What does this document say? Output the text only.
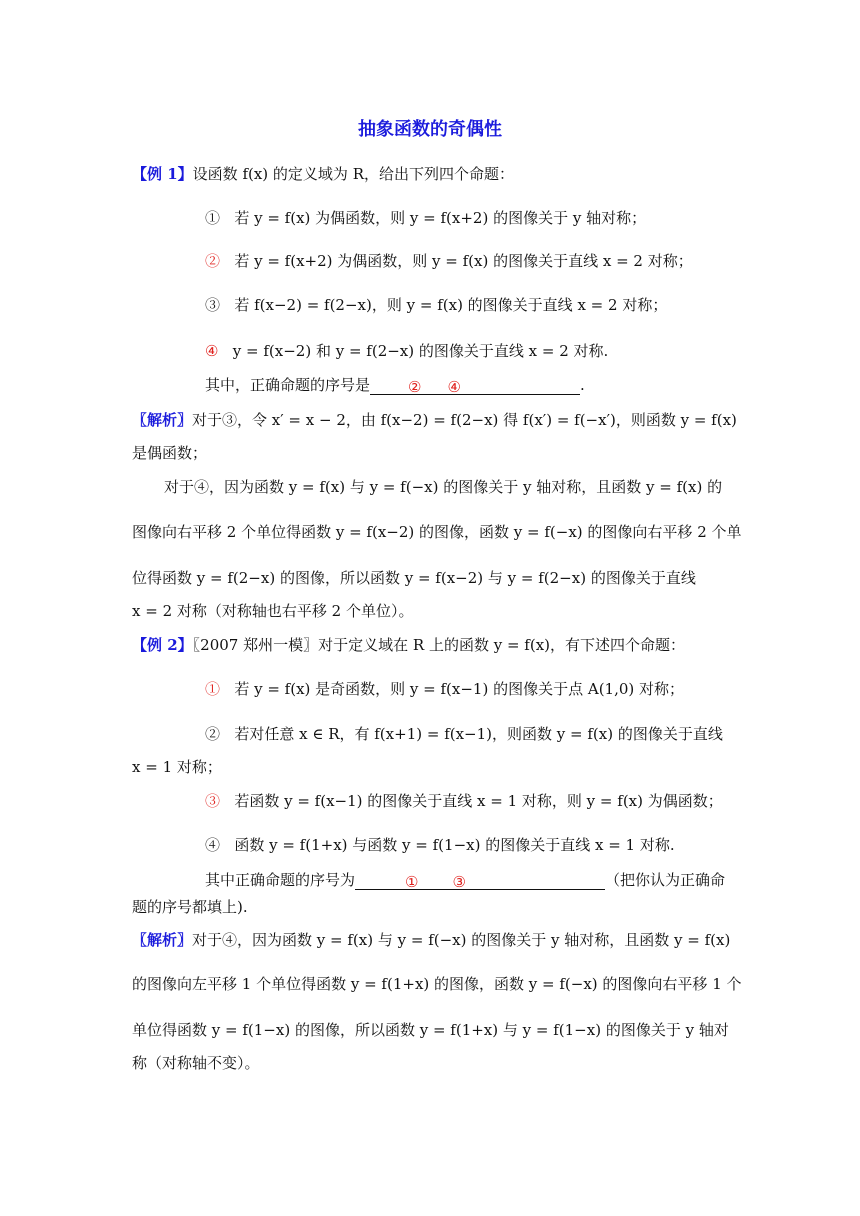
抽象函数的奇偶性
【例 1】设函数 f(x) 的定义域为 R，给出下列四个命题：
① 若 y = f(x) 为偶函数，则 y = f(x+2) 的图像关于 y 轴对称；
② 若 y = f(x+2) 为偶函数，则 y = f(x) 的图像关于直线 x = 2 对称；
③ 若 f(x−2) = f(2−x)，则 y = f(x) 的图像关于直线 x = 2 对称；
④ y = f(x−2) 和 y = f(2−x) 的图像关于直线 x = 2 对称.
其中，正确命题的序号是	② ④	.
〖解析〗对于③，令 x′ = x − 2，由 f(x−2) = f(2−x) 得 f(x′) = f(−x′)，则函数 y = f(x)
是偶函数；
对于④，因为函数 y = f(x) 与 y = f(−x) 的图像关于 y 轴对称，且函数 y = f(x) 的
图像向右平移 2 个单位得函数 y = f(x−2) 的图像，函数 y = f(−x) 的图像向右平移 2 个单
位得函数 y = f(2−x) 的图像，所以函数 y = f(x−2) 与 y = f(2−x) 的图像关于直线
x = 2 对称（对称轴也右平移 2 个单位）。
【例 2】〖2007 郑州一模〗对于定义域在 R 上的函数 y = f(x)，有下述四个命题：
① 若 y = f(x) 是奇函数，则 y = f(x−1) 的图像关于点 A(1,0) 对称；
② 若对任意 x ∈ R，有 f(x+1) = f(x−1)，则函数 y = f(x) 的图像关于直线
x = 1 对称；
③ 若函数 y = f(x−1) 的图像关于直线 x = 1 对称，则 y = f(x) 为偶函数；
④ 函数 y = f(1+x) 与函数 y = f(1−x) 的图像关于直线 x = 1 对称.
其中正确命题的序号为	① ③	（把你认为正确命
题的序号都填上).
〖解析〗对于④，因为函数 y = f(x) 与 y = f(−x) 的图像关于 y 轴对称，且函数 y = f(x)
的图像向左平移 1 个单位得函数 y = f(1+x) 的图像，函数 y = f(−x) 的图像向右平移 1 个
单位得函数 y = f(1−x) 的图像，所以函数 y = f(1+x) 与 y = f(1−x) 的图像关于 y 轴对
称（对称轴不变）。
